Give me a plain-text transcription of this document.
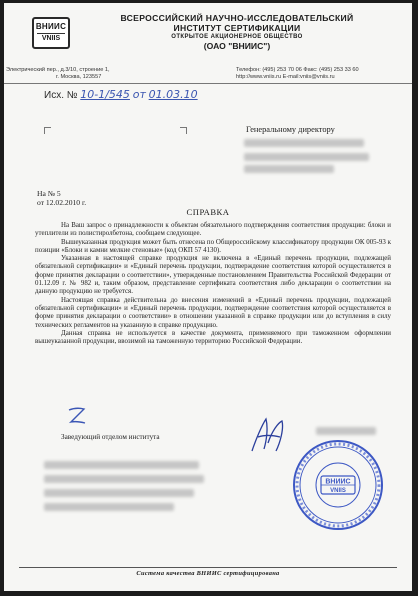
ВНИИС
VNIIS
ВСЕРОССИЙСКИЙ НАУЧНО-ИССЛЕДОВАТЕЛЬСКИЙ
ИНСТИТУТ СЕРТИФИКАЦИИ
ОТКРЫТОЕ АКЦИОНЕРНОЕ ОБЩЕСТВО
(ОАО "ВНИИС")
Электрический пер., д.3/10, строение 1,
г. Москва, 123557
Телефон: (495) 253 70 06 Факс: (495) 253 33 60
http://www.vniis.ru E-mail:vniis@vniis.ru
Исх. № 10-1/545 от 01.03.10
Генеральному директору
На № 5
от 12.02.2010 г.
СПРАВКА

На Ваш запрос о принадлежности к объектам обязательного подтверждения соответствия продукции: блоки и утеплители из полистиролбетона, сообщаем следующее.

Вышеуказанная продукция может быть отнесена по Общероссийскому классификатору продукции ОК 005-93 к позиции «Блоки и камни мелкие стеновые» (код ОКП 57 4130).

Указанная в настоящей справке продукция не включена в «Единый перечень продукции, подлежащей обязательной сертификации» и «Единый перечень продукции, подтверждение соответствия которой осуществляется в форме принятия декларации о соответствии», утвержденные постановлением Правительства Российской Федерации от 01.12.09 г. № 982 и, таким образом, представление сертификата соответствия либо декларации о соответствии на данную продукцию не требуется.

Настоящая справка действительна до внесения изменений в «Единый перечень продукции, подлежащей обязательной сертификации» и «Единый перечень продукции, подтверждение соответствия которой осуществляется в форме принятия декларации о соответствии» в отношении указанной в справке продукции или до вступления в силу технических регламентов на указанную в справке продукцию.

Данная справка не используется в качестве документа, применяемого при таможенном оформлении вышеуказанной продукции, ввозимой на таможенную территорию Российской Федерации.

Заведующий отделом института
ВНИИС
VNIIS
Система качества ВНИИС сертифицирована
